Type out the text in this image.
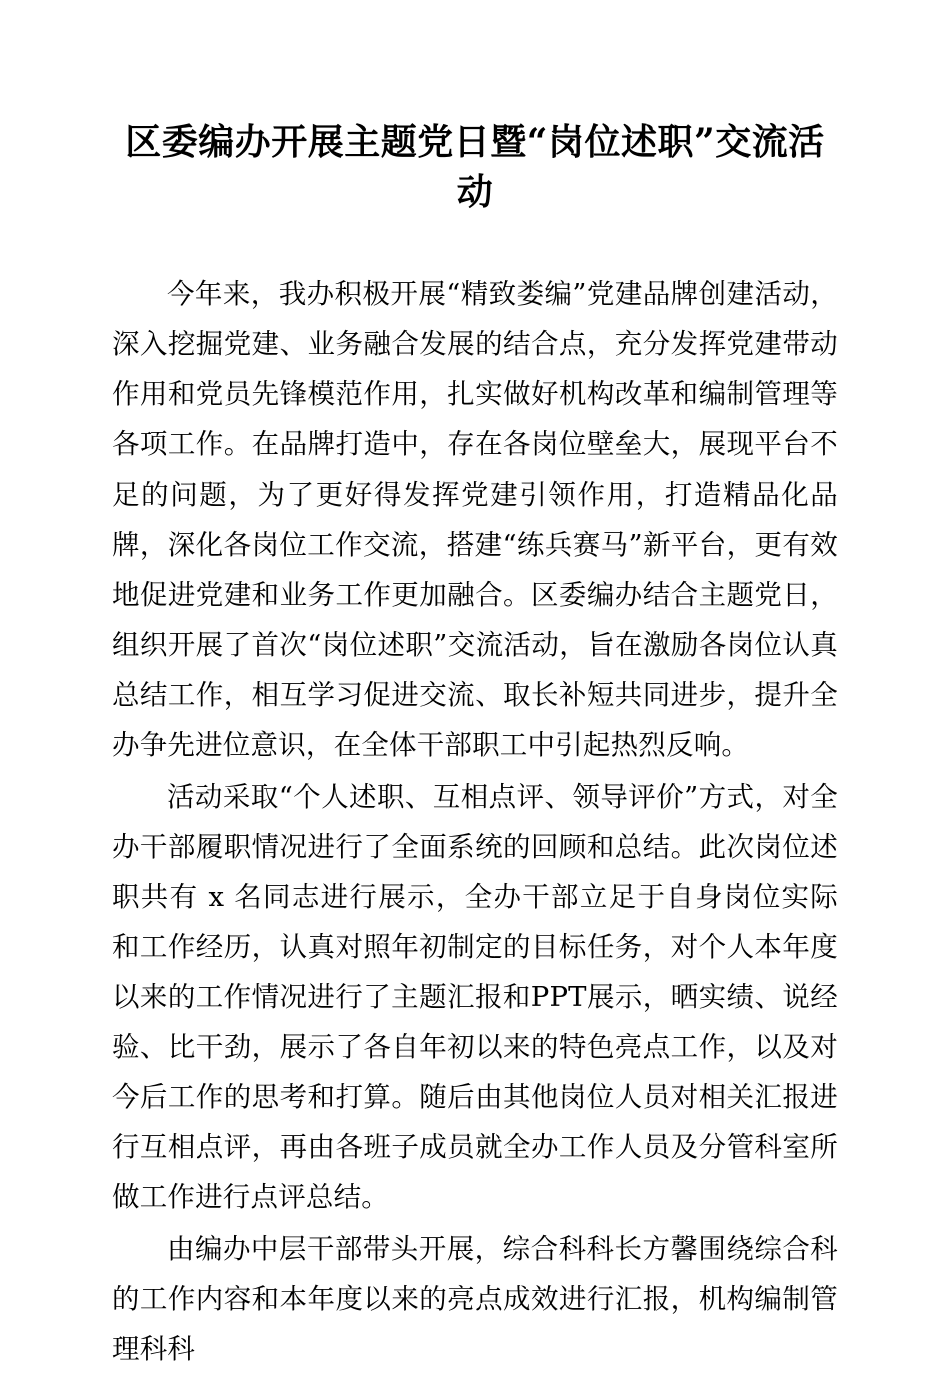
区委编办开展主题党日暨“岗位述职”交流活动

今年来，我办积极开展“精致娄编”党建品牌创建活动，深入挖掘党建、业务融合发展的结合点，充分发挥党建带动作用和党员先锋模范作用，扎实做好机构改革和编制管理等各项工作。在品牌打造中，存在各岗位壁垒大，展现平台不足的问题，为了更好得发挥党建引领作用，打造精品化品牌，深化各岗位工作交流，搭建“练兵赛马”新平台，更有效地促进党建和业务工作更加融合。区委编办结合主题党日，组织开展了首次“岗位述职”交流活动，旨在激励各岗位认真总结工作，相互学习促进交流、取长补短共同进步，提升全办争先进位意识，在全体干部职工中引起热烈反响。

活动采取“个人述职、互相点评、领导评价”方式，对全办干部履职情况进行了全面系统的回顾和总结。此次岗位述职共有 x 名同志进行展示，全办干部立足于自身岗位实际和工作经历，认真对照年初制定的目标任务，对个人本年度以来的工作情况进行了主题汇报和PPT展示，晒实绩、说经验、比干劲，展示了各自年初以来的特色亮点工作，以及对今后工作的思考和打算。随后由其他岗位人员对相关汇报进行互相点评，再由各班子成员就全办工作人员及分管科室所做工作进行点评总结。

由编办中层干部带头开展，综合科科长方馨围绕综合科的工作内容和本年度以来的亮点成效进行汇报，机构编制管理科科
